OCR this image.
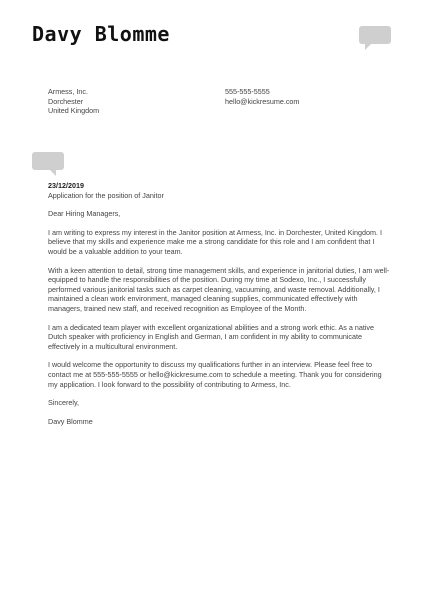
Davy Blomme
Armess, Inc.
Dorchester
United Kingdom
555-555-5555
hello@kickresume.com

23/12/2019

Application for the position of Janitor

Dear Hiring Managers,

I am writing to express my interest in the Janitor position at Armess, Inc. in Dorchester, United Kingdom. I believe that my skills and experience make me a strong candidate for this role and I am confident that I would be a valuable addition to your team.

With a keen attention to detail, strong time management skills, and experience in janitorial duties, I am well-equipped to handle the responsibilities of the position. During my time at Sodexo, Inc., I successfully performed various janitorial tasks such as carpet cleaning, vacuuming, and waste removal. Additionally, I maintained a clean work environment, managed cleaning supplies, communicated effectively with managers, trained new staff, and received recognition as Employee of the Month.

I am a dedicated team player with excellent organizational abilities and a strong work ethic. As a native Dutch speaker with proficiency in English and German, I am confident in my ability to communicate effectively in a multicultural environment.

I would welcome the opportunity to discuss my qualifications further in an interview. Please feel free to contact me at 555-555-5555 or hello@kickresume.com to schedule a meeting. Thank you for considering my application. I look forward to the possibility of contributing to Armess, Inc.

Sincerely,

Davy Blomme
